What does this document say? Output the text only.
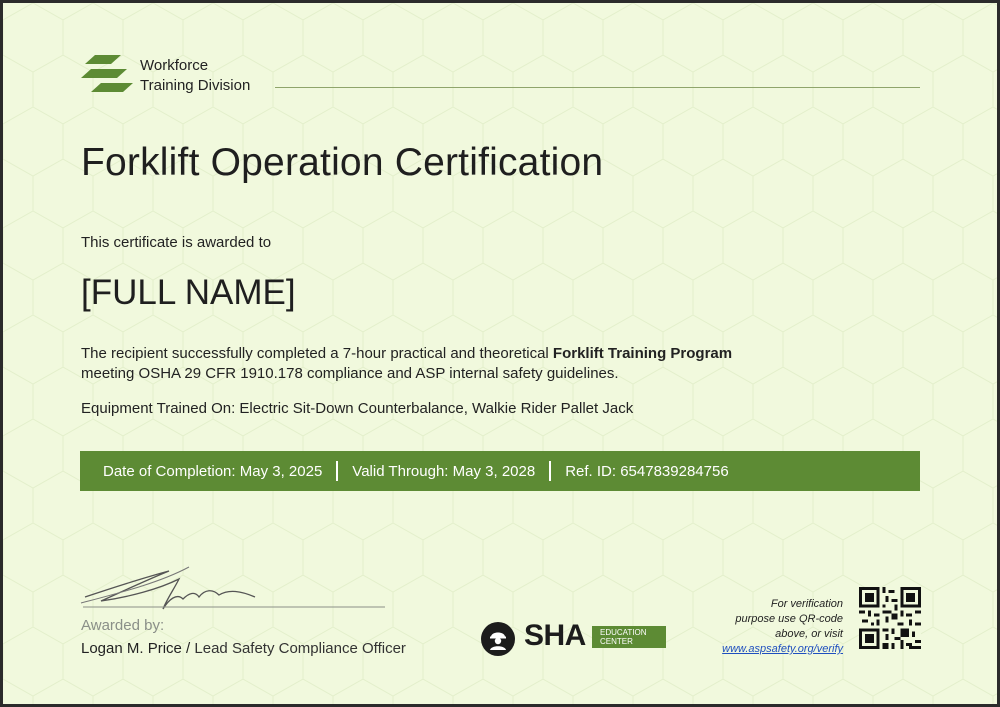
Workforce
Training Division
Forklift Operation Certification
This certificate is awarded to
[FULL NAME]
The recipient successfully completed a 7-hour practical and theoretical Forklift Training Program
meeting OSHA 29 CFR 1910.178 compliance and ASP internal safety guidelines.
Equipment Trained On: Electric Sit-Down Counterbalance, Walkie Rider Pallet Jack
Date of Completion: May 3, 2025 Valid Through: May 3, 2028 Ref. ID: 6547839284756
Awarded by:
Logan M. Price / Lead Safety Compliance Officer	SHA EDUCATION
CENTER
For verification
purpose use QR-code
above, or visit
www.aspsafety.org/verify
